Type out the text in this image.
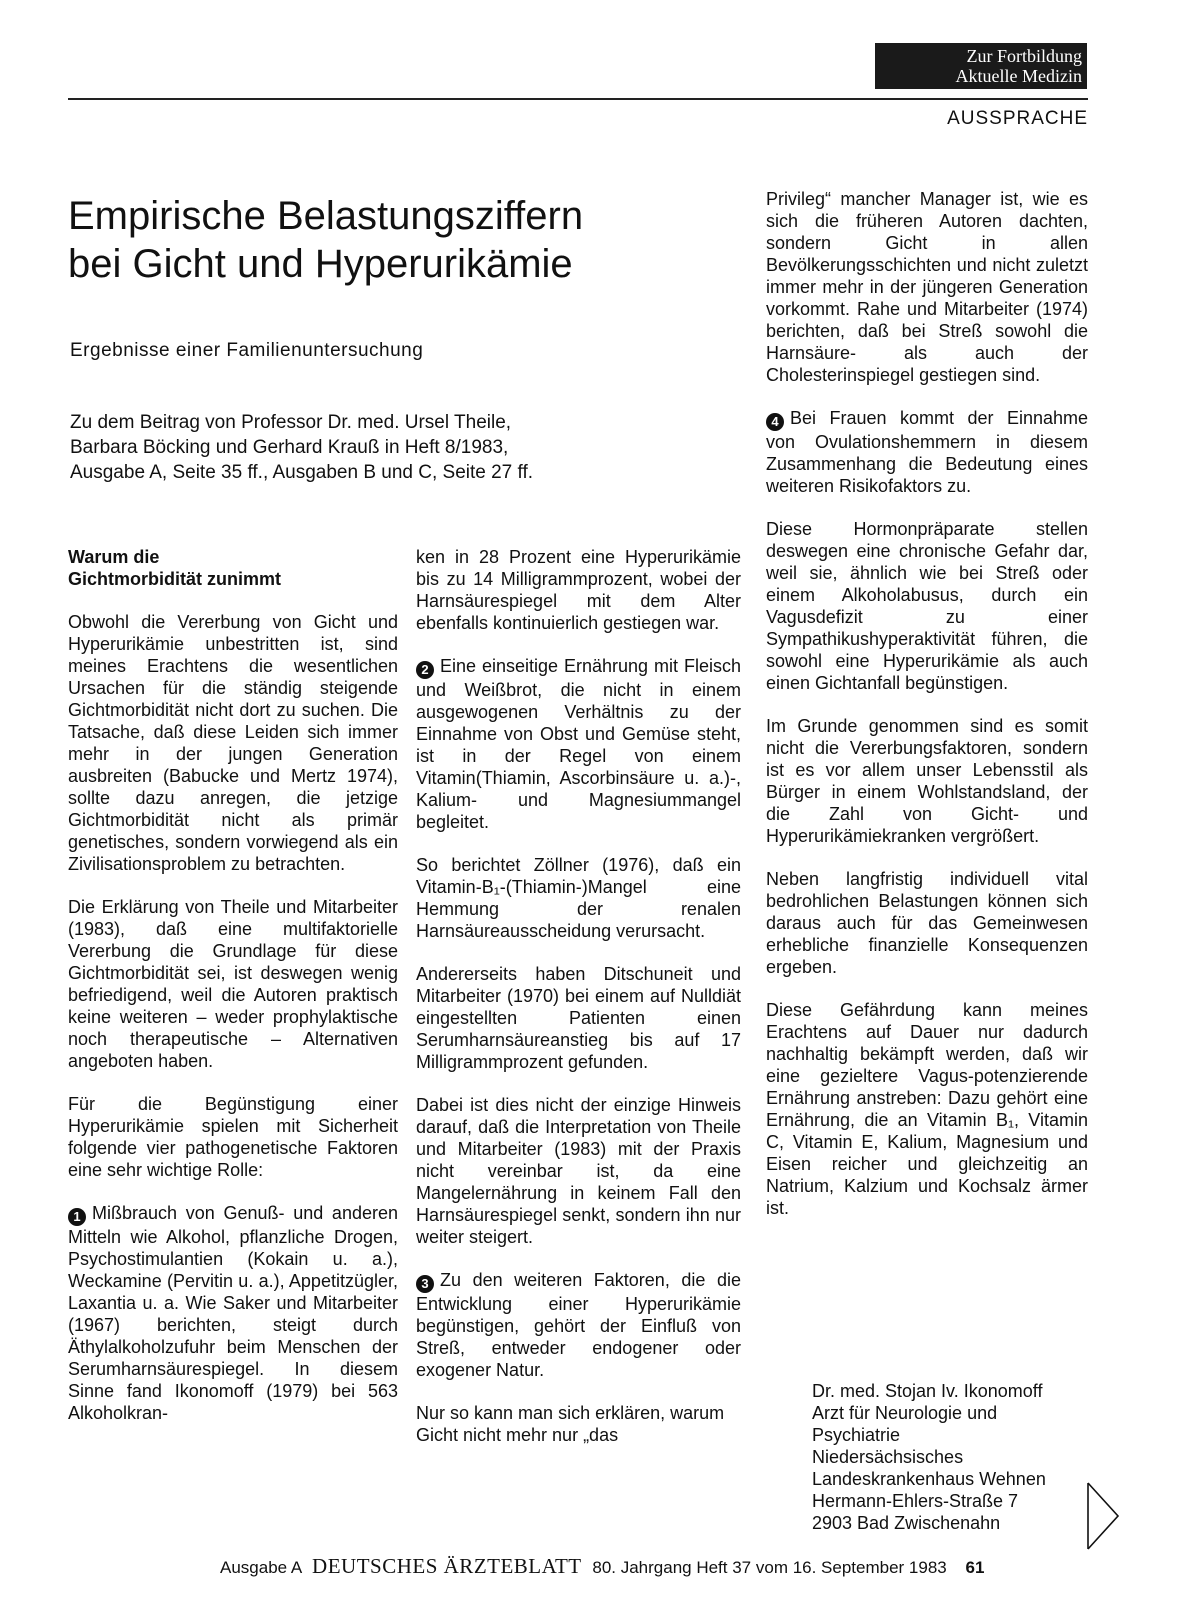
Zur Fortbildung
Aktuelle Medizin
AUSSPRACHE
Empirische Belastungsziffern
bei Gicht und Hyperurikämie
Ergebnisse einer Familienuntersuchung
Zu dem Beitrag von Professor Dr. med. Ursel Theile,
Barbara Böcking und Gerhard Krauß in Heft 8/1983,
Ausgabe A, Seite 35 ff., Ausgaben B und C, Seite 27 ff.
Warum die
Gichtmorbidität zunimmt

Obwohl die Vererbung von Gicht und Hyperurikämie unbestritten ist, sind meines Erachtens die wesentlichen Ursachen für die ständig steigende Gichtmorbidität nicht dort zu suchen. Die Tatsache, daß diese Leiden sich immer mehr in der jungen Generation ausbreiten (Babucke und Mertz 1974), sollte dazu anregen, die jetzige Gichtmorbidität nicht als primär genetisches, sondern vorwiegend als ein Zivilisationsproblem zu betrachten.

Die Erklärung von Theile und Mitarbeiter (1983), daß eine multifaktorielle Vererbung die Grundlage für diese Gichtmorbidität sei, ist deswegen wenig befriedigend, weil die Autoren praktisch keine weiteren – weder prophylaktische noch therapeutische – Alternativen angeboten haben.

Für die Begünstigung einer Hyperurikämie spielen mit Sicherheit folgende vier pathogenetische Faktoren eine sehr wichtige Rolle:

1 Mißbrauch von Genuß- und anderen Mitteln wie Alkohol, pflanzliche Drogen, Psychostimulantien (Kokain u. a.), Weckamine (Pervitin u. a.), Appetitzügler, Laxantia u. a. Wie Saker und Mitarbeiter (1967) berichten, steigt durch Äthylalkoholzufuhr beim Menschen der Serumharnsäurespiegel. In diesem Sinne fand Ikonomoff (1979) bei 563 Alkoholkran-

ken in 28 Prozent eine Hyperurikämie bis zu 14 Milligrammprozent, wobei der Harnsäurespiegel mit dem Alter ebenfalls kontinuierlich gestiegen war.

2 Eine einseitige Ernährung mit Fleisch und Weißbrot, die nicht in einem ausgewogenen Verhältnis zu der Einnahme von Obst und Gemüse steht, ist in der Regel von einem Vitamin(Thiamin, Ascorbinsäure u. a.)-, Kalium- und Magnesiummangel begleitet.

So berichtet Zöllner (1976), daß ein Vitamin-B₁-(Thiamin-)Mangel eine Hemmung der renalen Harnsäureausscheidung verursacht.

Andererseits haben Ditschuneit und Mitarbeiter (1970) bei einem auf Nulldiät eingestellten Patienten einen Serumharnsäureanstieg bis auf 17 Milligrammprozent gefunden.

Dabei ist dies nicht der einzige Hinweis darauf, daß die Interpretation von Theile und Mitarbeiter (1983) mit der Praxis nicht vereinbar ist, da eine Mangelernährung in keinem Fall den Harnsäurespiegel senkt, sondern ihn nur weiter steigert.

3 Zu den weiteren Faktoren, die die Entwicklung einer Hyperurikämie begünstigen, gehört der Einfluß von Streß, entweder endogener oder exogener Natur.

Nur so kann man sich erklären, warum Gicht nicht mehr nur „das

Privileg“ mancher Manager ist, wie es sich die früheren Autoren dachten, sondern Gicht in allen Bevölkerungsschichten und nicht zuletzt immer mehr in der jüngeren Generation vorkommt. Rahe und Mitarbeiter (1974) berichten, daß bei Streß sowohl die Harnsäure- als auch der Cholesterinspiegel gestiegen sind.

4 Bei Frauen kommt der Einnahme von Ovulationshemmern in diesem Zusammenhang die Bedeutung eines weiteren Risikofaktors zu.

Diese Hormonpräparate stellen deswegen eine chronische Gefahr dar, weil sie, ähnlich wie bei Streß oder einem Alkoholabusus, durch ein Vagusdefizit zu einer Sympathikushyperaktivität führen, die sowohl eine Hyperurikämie als auch einen Gichtanfall begünstigen.

Im Grunde genommen sind es somit nicht die Vererbungsfaktoren, sondern ist es vor allem unser Lebensstil als Bürger in einem Wohlstandsland, der die Zahl von Gicht- und Hyperurikämiekranken vergrößert.

Neben langfristig individuell vital bedrohlichen Belastungen können sich daraus auch für das Gemeinwesen erhebliche finanzielle Konsequenzen ergeben.

Diese Gefährdung kann meines Erachtens auf Dauer nur dadurch nachhaltig bekämpft werden, daß wir eine gezieltere Vagus-potenzierende Ernährung anstreben: Dazu gehört eine Ernährung, die an Vitamin B₁, Vitamin C, Vitamin E, Kalium, Magnesium und Eisen reicher und gleichzeitig an Natrium, Kalzium und Kochsalz ärmer ist.

Dr. med. Stojan Iv. Ikonomoff
Arzt für Neurologie und
Psychiatrie
Niedersächsisches
Landeskrankenhaus Wehnen
Hermann-Ehlers-Straße 7
2903 Bad Zwischenahn
Ausgabe A DEUTSCHES ÄRZTEBLATT 80. Jahrgang Heft 37 vom 16. September 1983 61
